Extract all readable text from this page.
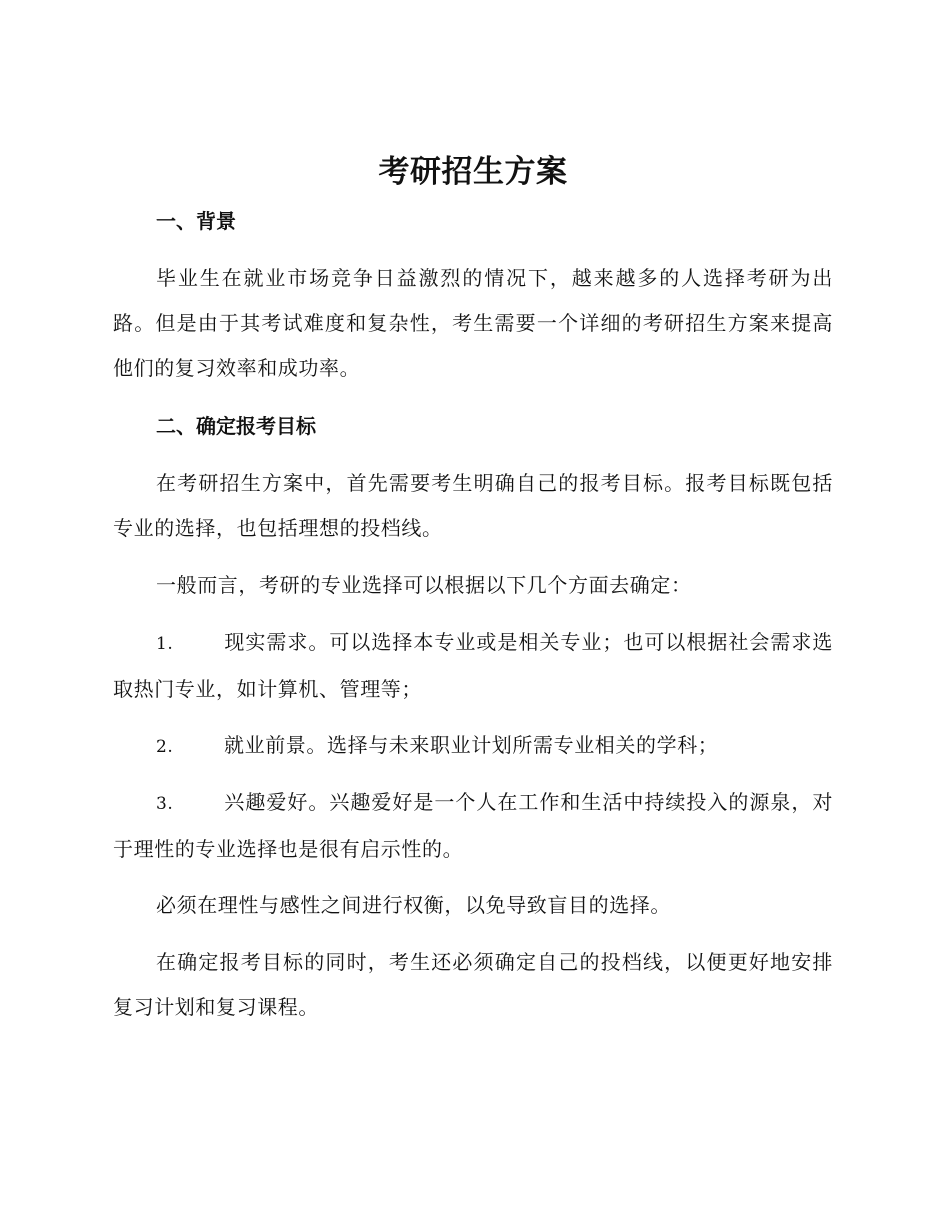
考研招生方案
一、背景
毕业生在就业市场竞争日益激烈的情况下，越来越多的人选择考研为出路。但是由于其考试难度和复杂性，考生需要一个详细的考研招生方案来提高他们的复习效率和成功率。
二、确定报考目标
在考研招生方案中，首先需要考生明确自己的报考目标。报考目标既包括专业的选择，也包括理想的投档线。
一般而言，考研的专业选择可以根据以下几个方面去确定：
1.	现实需求。可以选择本专业或是相关专业；也可以根据社会需求选取热门专业，如计算机、管理等；
2.	就业前景。选择与未来职业计划所需专业相关的学科；
3.	兴趣爱好。兴趣爱好是一个人在工作和生活中持续投入的源泉，对于理性的专业选择也是很有启示性的。
必须在理性与感性之间进行权衡，以免导致盲目的选择。
在确定报考目标的同时，考生还必须确定自己的投档线，以便更好地安排复习计划和复习课程。
